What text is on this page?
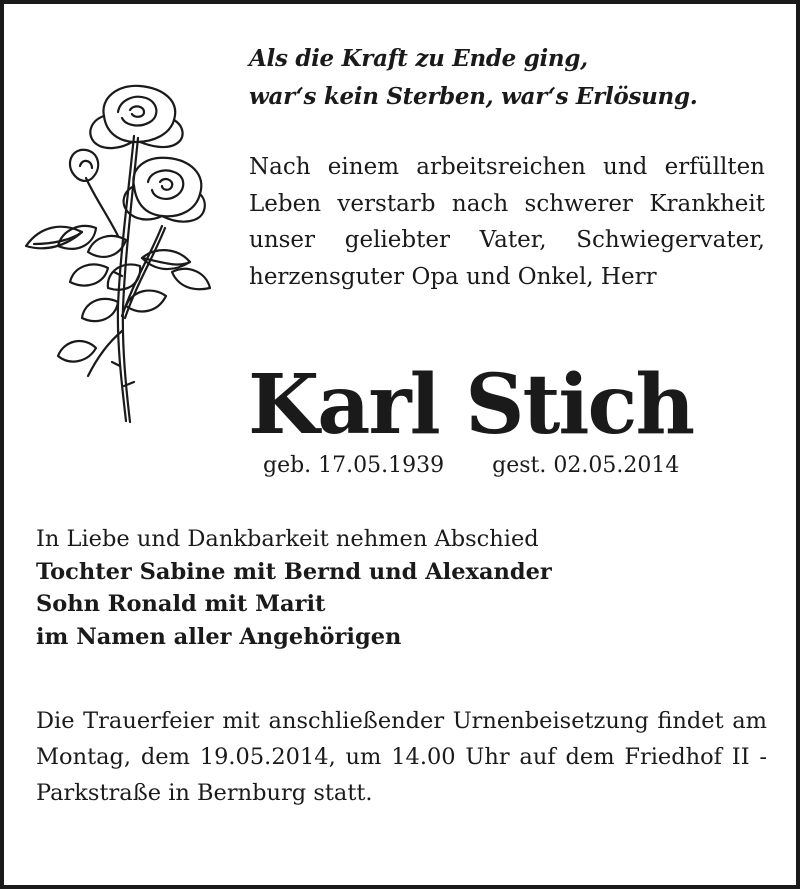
Als die Kraft zu Ende ging,
war‘s kein Sterben, war‘s Erlösung.
Nach einem arbeitsreichen und erfüllten Leben verstarb nach schwerer Krankheit unser geliebter Vater, Schwiegervater, herzensguter Opa und Onkel, Herr
Karl Stich
geb. 17.05.1939 gest. 02.05.2014
In Liebe und Dankbarkeit nehmen Abschied
Tochter Sabine mit Bernd und Alexander
Sohn Ronald mit Marit
im Namen aller Angehörigen
Die Trauerfeier mit anschließender Urnenbeisetzung findet am Montag, dem 19.05.2014, um 14.00 Uhr auf dem Friedhof II - Parkstraße in Bernburg statt.
